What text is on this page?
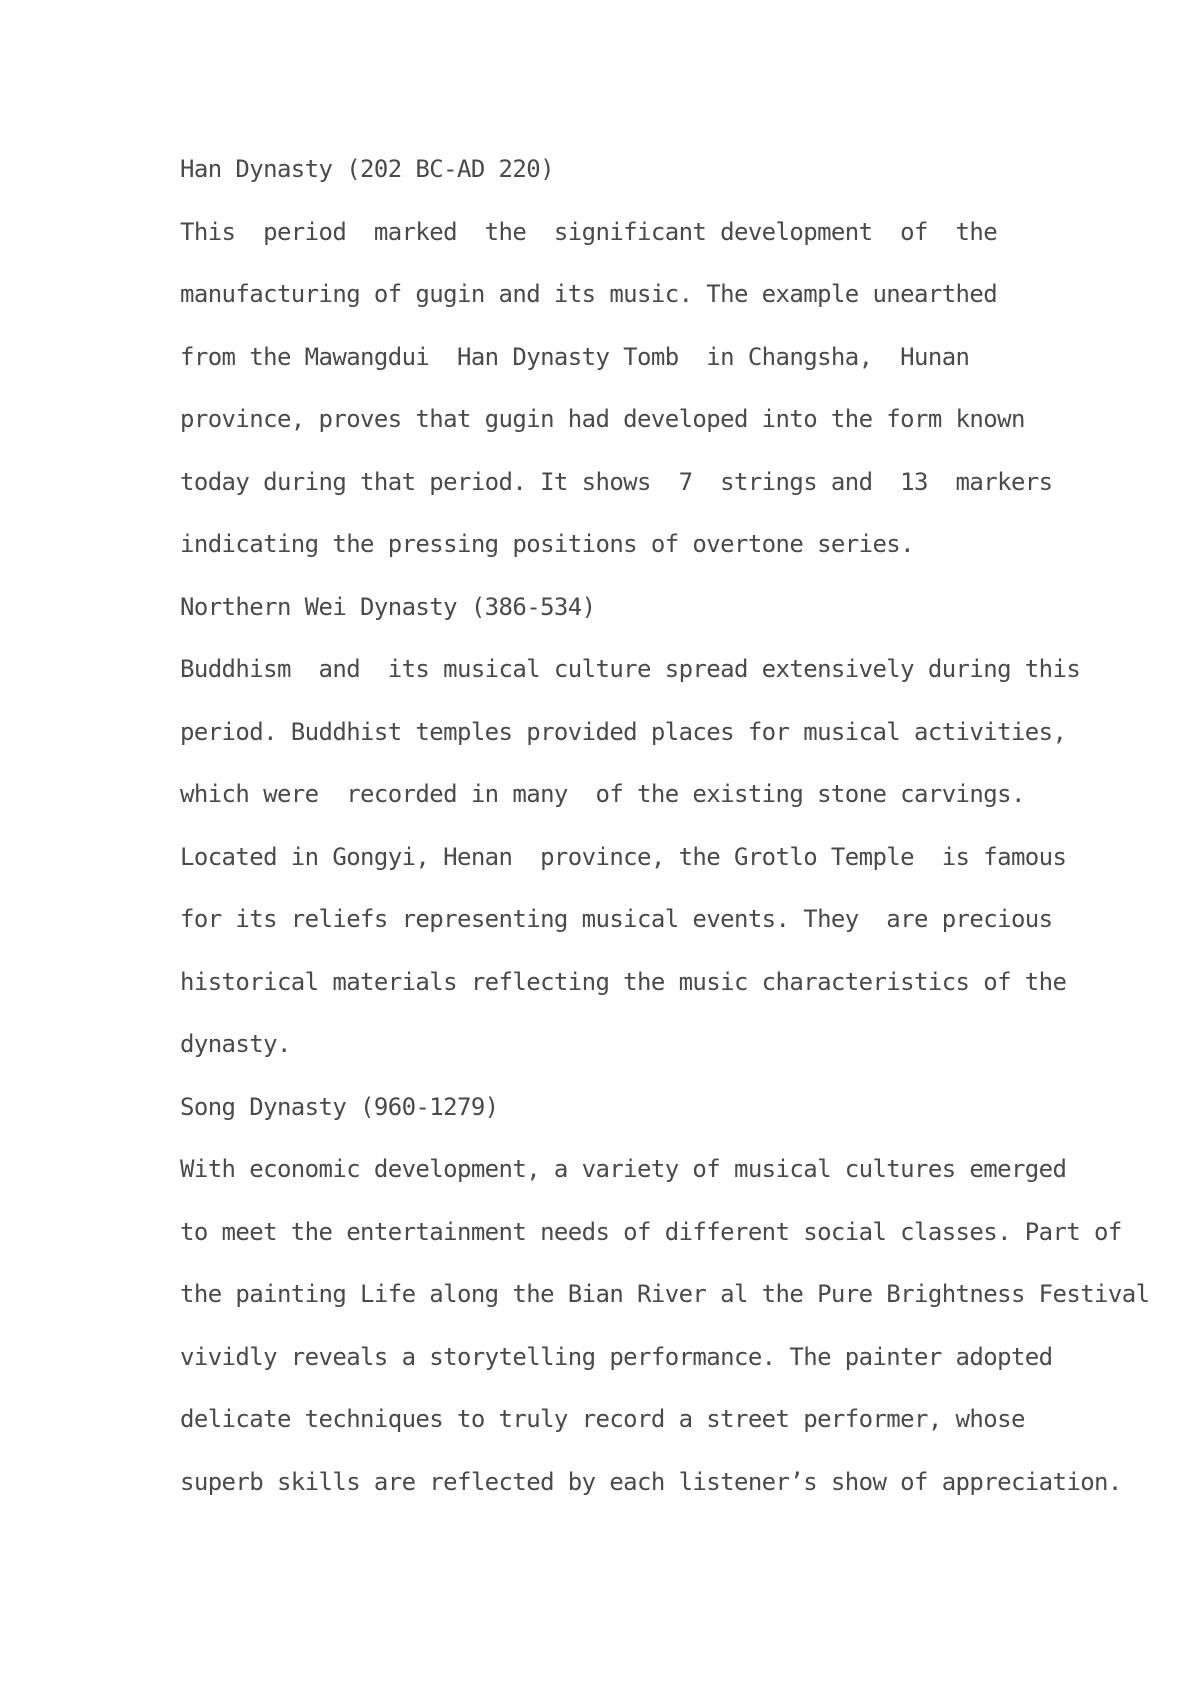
Han Dynasty (202 BC-AD 220)
This  period  marked  the  significant development  of  the
manufacturing of gugin and its music. The example unearthed
from the Mawangdui  Han Dynasty Tomb  in Changsha,  Hunan
province, proves that gugin had developed into the form known
today during that period. It shows  7  strings and  13  markers
indicating the pressing positions of overtone series.
Northern Wei Dynasty (386-534)
Buddhism  and  its musical culture spread extensively during this
period. Buddhist temples provided places for musical activities,
which were  recorded in many  of the existing stone carvings.
Located in Gongyi, Henan  province, the Grotlo Temple  is famous
for its reliefs representing musical events. They  are precious
historical materials reflecting the music characteristics of the
dynasty.
Song Dynasty (960-1279)
With economic development, a variety of musical cultures emerged
to meet the entertainment needs of different social classes. Part of
the painting Life along the Bian River al the Pure Brightness Festival
vividly reveals a storytelling performance. The painter adopted
delicate techniques to truly record a street performer, whose
superb skills are reflected by each listener’s show of appreciation.
